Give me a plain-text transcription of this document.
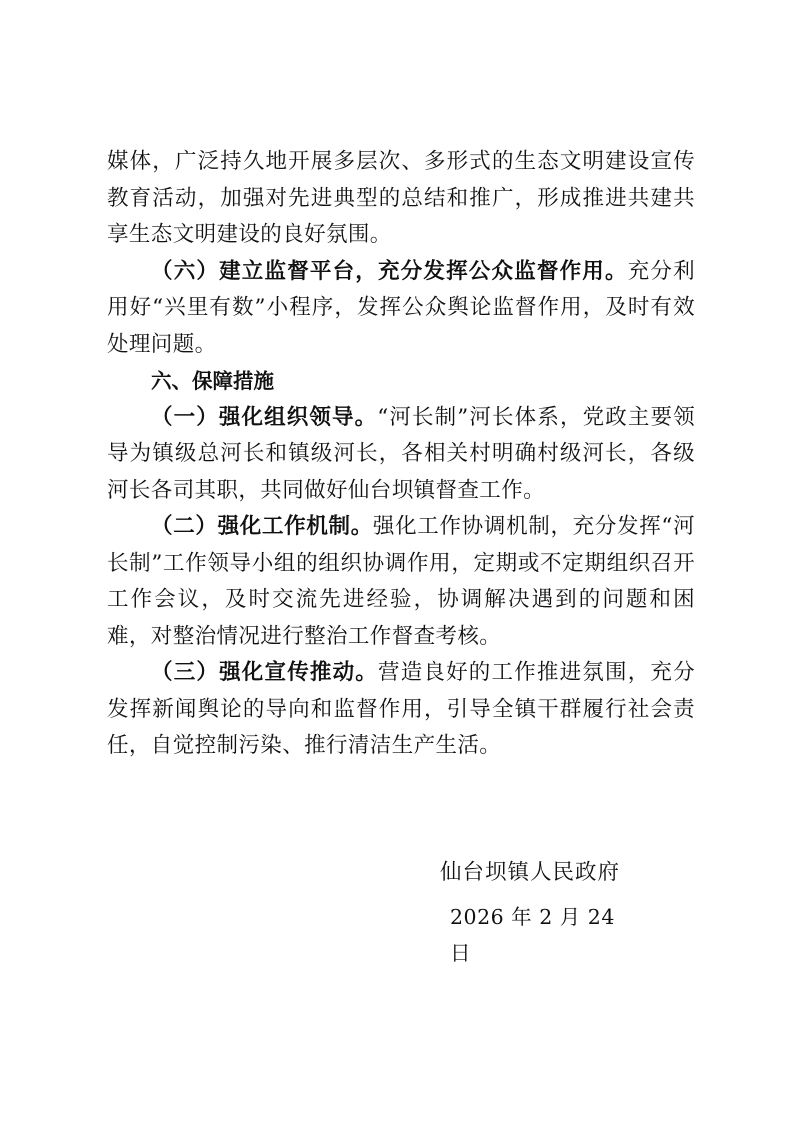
媒体，广泛持久地开展多层次、多形式的生态文明建设宣传教育活动，加强对先进典型的总结和推广，形成推进共建共享生态文明建设的良好氛围。

（六）建立监督平台，充分发挥公众监督作用。充分利用好“兴里有数”小程序，发挥公众舆论监督作用，及时有效处理问题。

六、保障措施

（一）强化组织领导。“河长制”河长体系，党政主要领导为镇级总河长和镇级河长，各相关村明确村级河长，各级河长各司其职，共同做好仙台坝镇督查工作。

（二）强化工作机制。强化工作协调机制，充分发挥“河长制”工作领导小组的组织协调作用，定期或不定期组织召开工作会议，及时交流先进经验，协调解决遇到的问题和困难，对整治情况进行整治工作督查考核。

（三）强化宣传推动。营造良好的工作推进氛围，充分发挥新闻舆论的导向和监督作用，引导全镇干群履行社会责任，自觉控制污染、推行清洁生产生活。

仙台坝镇人民政府

2026 年 2 月 24 日
